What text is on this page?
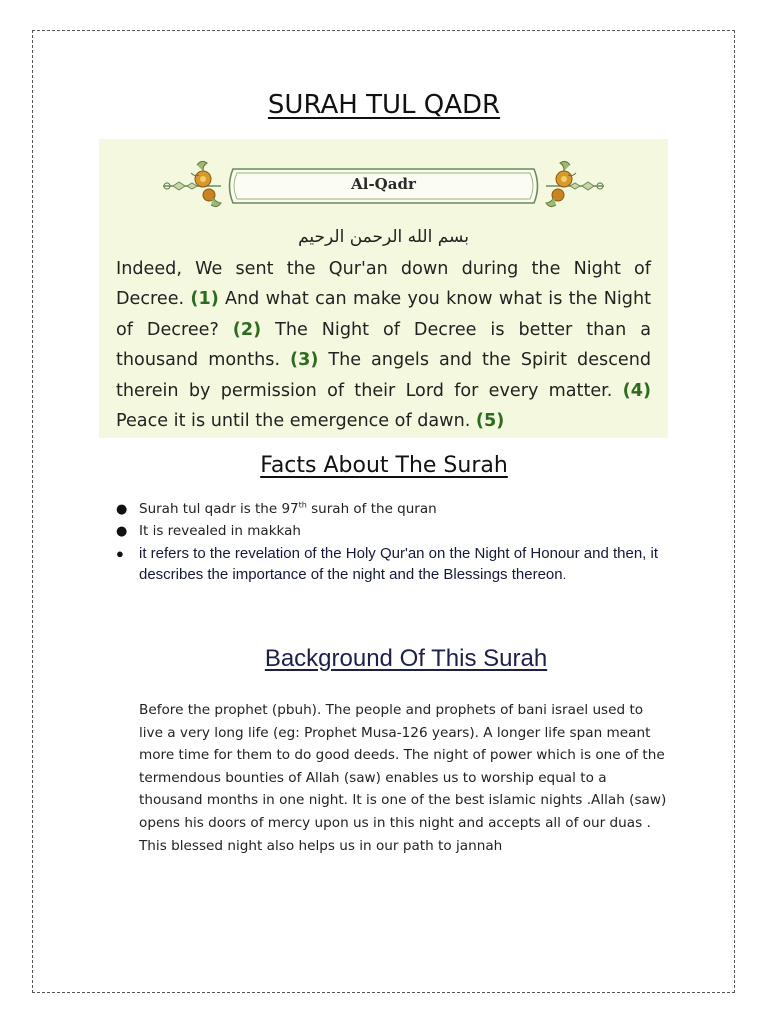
SURAH TUL QADR
Al-Qadr
بسم الله الرحمن الرحيم

Indeed, We sent the Qur'an down during the Night of Decree. (1) And what can make you know what is the Night of Decree? (2) The Night of Decree is better than a thousand months. (3) The angels and the Spirit descend therein by permission of their Lord for every matter. (4) Peace it is until the emergence of dawn. (5)

Facts About The Surah
● Surah tul qadr is the 97th surah of the quran
● It is revealed in makkah
● it refers to the revelation of the Holy Qur'an on the Night of Honour and then, it describes the importance of the night and the Blessings thereon.
Background Of This Surah

Before the prophet (pbuh). The people and prophets of bani israel used to live a very long life (eg: Prophet Musa-126 years). A longer life span meant more time for them to do good deeds. The night of power which is one of the termendous bounties of Allah (saw) enables us to worship equal to a thousand months in one night. It is one of the best islamic nights .Allah (saw) opens his doors of mercy upon us in this night and accepts all of our duas . This blessed night also helps us in our path to jannah
